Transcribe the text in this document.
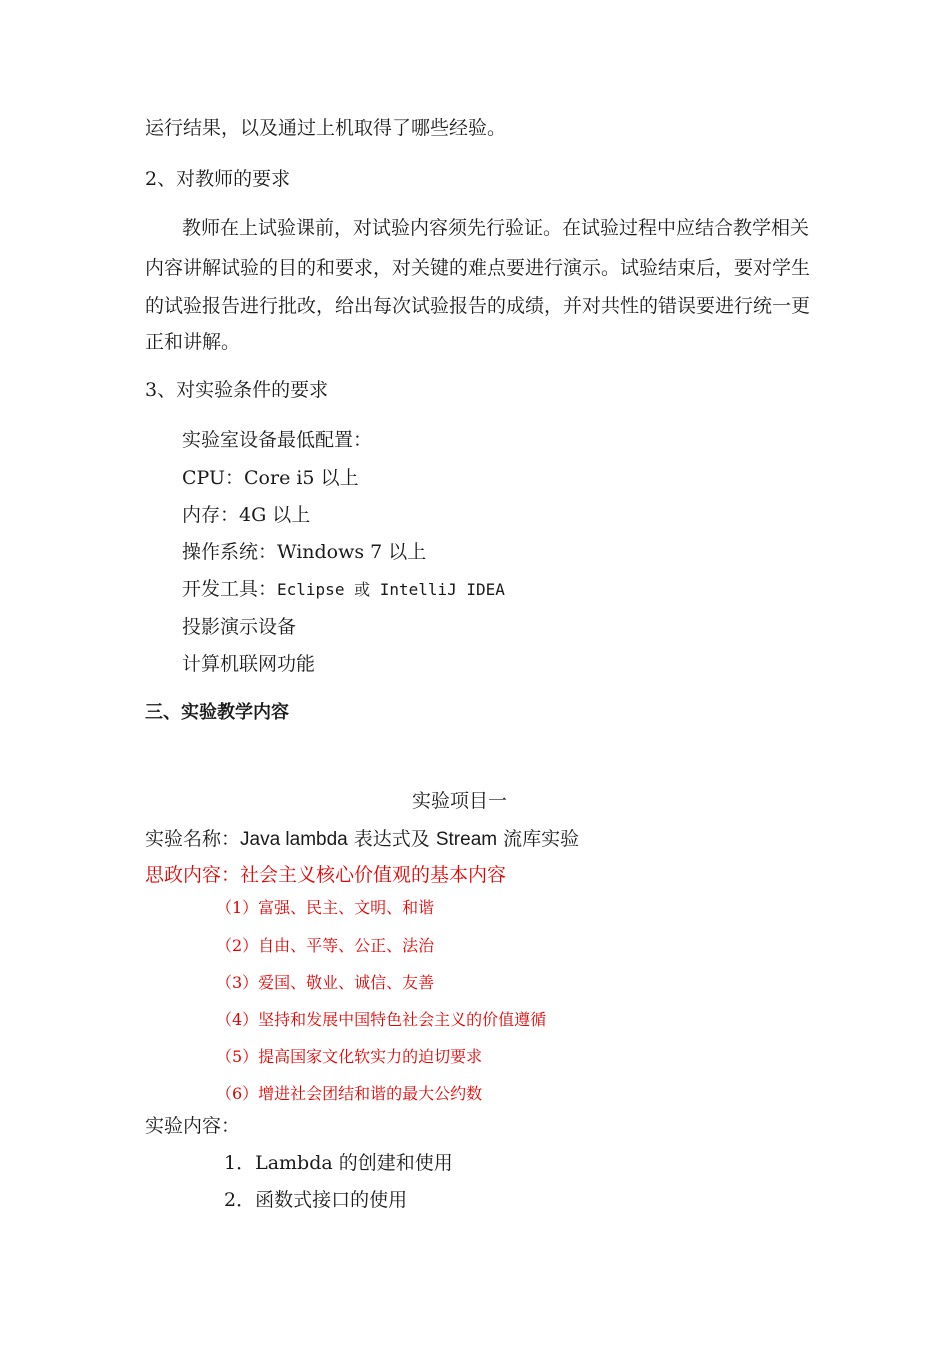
运行结果，以及通过上机取得了哪些经验。
2、对教师的要求
教师在上试验课前，对试验内容须先行验证。在试验过程中应结合教学相关
内容讲解试验的目的和要求，对关键的难点要进行演示。试验结束后，要对学生
的试验报告进行批改，给出每次试验报告的成绩，并对共性的错误要进行统一更
正和讲解。
3、对实验条件的要求
实验室设备最低配置：
CPU：Core i5 以上
内存：4G 以上
操作系统：Windows 7 以上
开发工具：Eclipse 或 IntelliJ IDEA
投影演示设备
计算机联网功能
三、实验教学内容
实验项目一
实验名称：Java lambda 表达式及 Stream 流库实验
思政内容：社会主义核心价值观的基本内容
（1）富强、民主、文明、和谐
（2）自由、平等、公正、法治
（3）爱国、敬业、诚信、友善
（4）坚持和发展中国特色社会主义的价值遵循
（5）提高国家文化软实力的迫切要求
（6）增进社会团结和谐的最大公约数
实验内容：
1．Lambda 的创建和使用
2．函数式接口的使用
